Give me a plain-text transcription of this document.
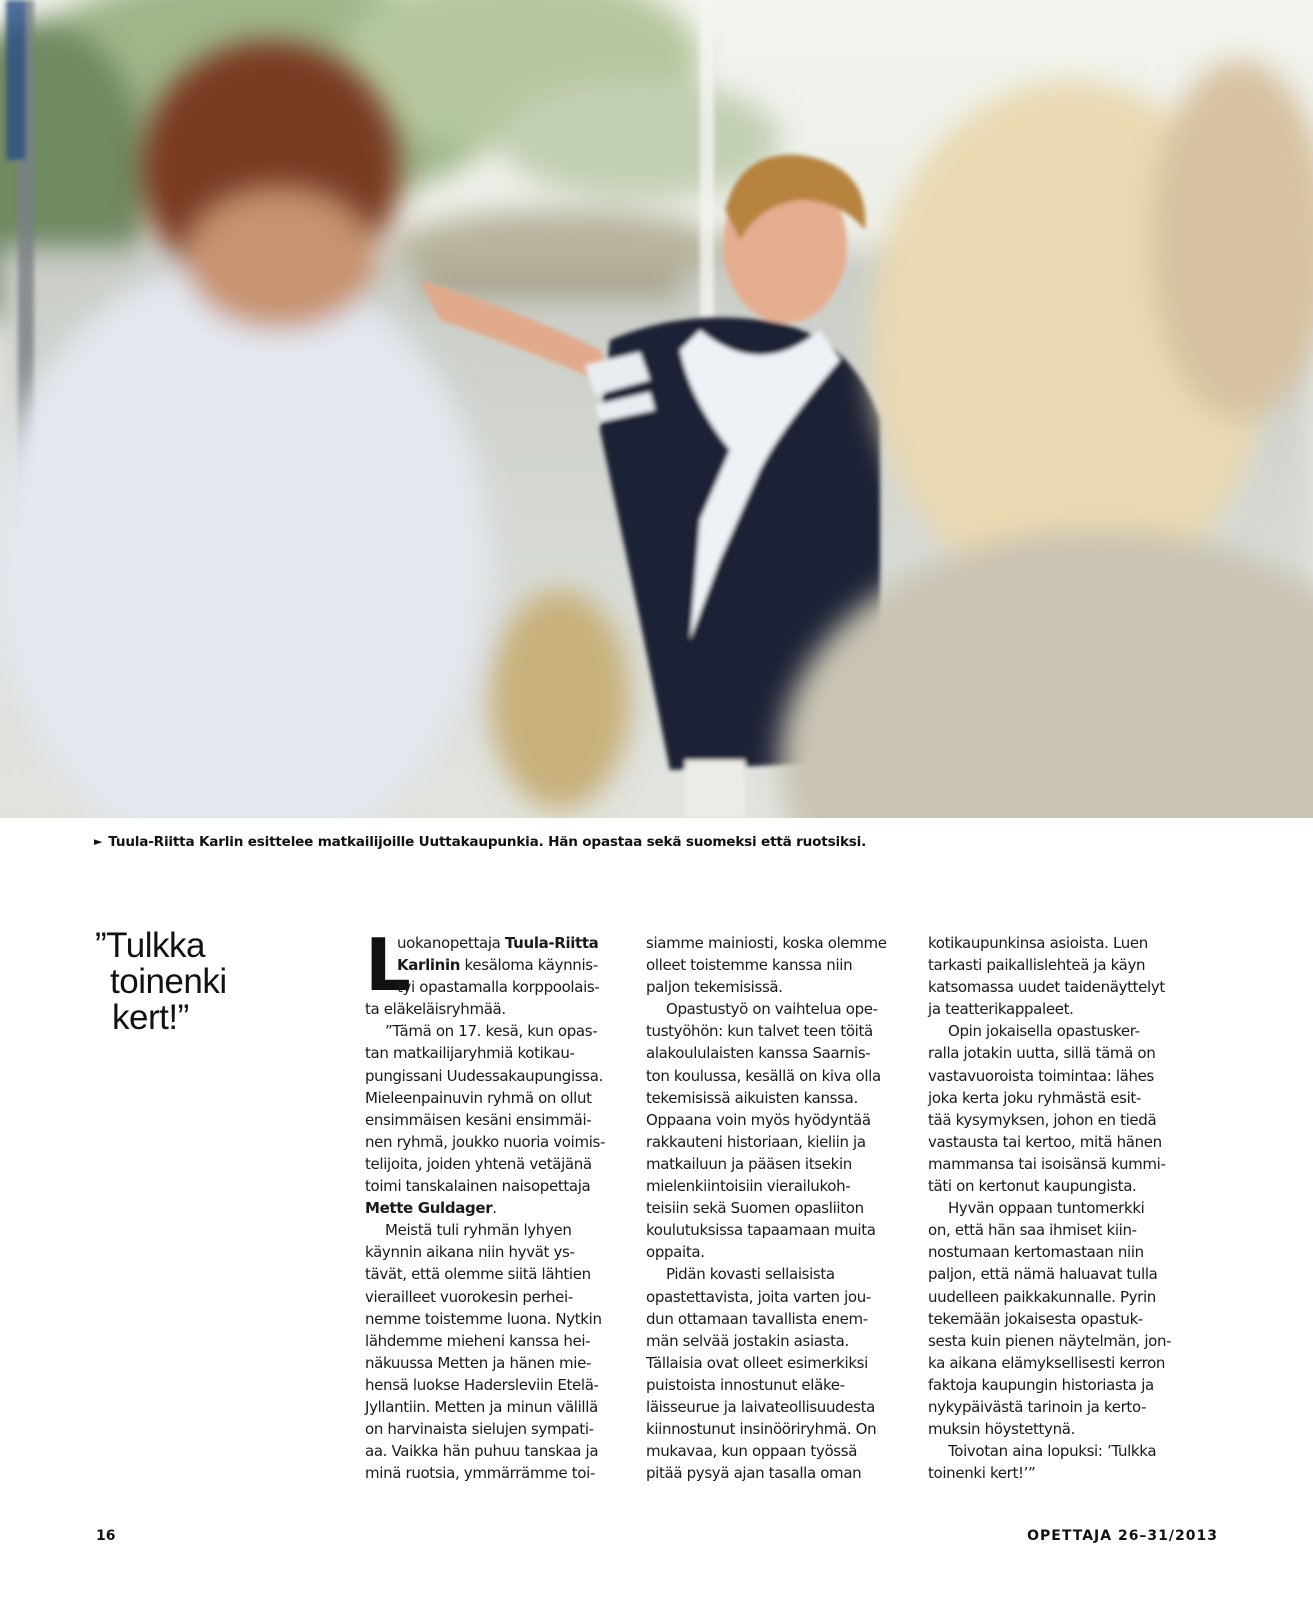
► Tuula-Riitta Karlin esittelee matkailijoille Uuttakaupunkia. Hän opastaa sekä suomeksi että ruotsiksi.
”Tulkka
toinenki
kert!”
L
uokanopettaja Tuula-Riitta
Karlinin kesäloma käynnis-
tyi opastamalla korppoolais-
ta eläkeläisryhmää.
”Tämä on 17. kesä, kun opas-
tan matkailijaryhmiä kotikau-
pungissani Uudessakaupungissa.
Mieleenpainuvin ryhmä on ollut
ensimmäisen kesäni ensimmäi-
nen ryhmä, joukko nuoria voimis-
telijoita, joiden yhtenä vetäjänä
toimi tanskalainen naisopettaja
Mette Guldager.
Meistä tuli ryhmän lyhyen
käynnin aikana niin hyvät ys-
tävät, että olemme siitä lähtien
vierailleet vuorokesin perhei-
nemme toistemme luona. Nytkin
lähdemme mieheni kanssa hei-
näkuussa Metten ja hänen mie-
hensä luokse Hadersleviin Etelä-
Jyllantiin. Metten ja minun välillä
on harvinaista sielujen sympati-
aa. Vaikka hän puhuu tanskaa ja
minä ruotsia, ymmärrämme toi-
siamme mainiosti, koska olemme
olleet toistemme kanssa niin
paljon tekemisissä.
Opastustyö on vaihtelua ope-
tustyöhön: kun talvet teen töitä
alakoululaisten kanssa Saarnis-
ton koulussa, kesällä on kiva olla
tekemisissä aikuisten kanssa.
Oppaana voin myös hyödyntää
rakkauteni historiaan, kieliin ja
matkailuun ja pääsen itsekin
mielenkiintoisiin vierailukoh-
teisiin sekä Suomen opasliiton
koulutuksissa tapaamaan muita
oppaita.
Pidän kovasti sellaisista
opastettavista, joita varten jou-
dun ottamaan tavallista enem-
män selvää jostakin asiasta.
Tällaisia ovat olleet esimerkiksi
puistoista innostunut eläke-
läisseurue ja laivateollisuudesta
kiinnostunut insinööriryhmä. On
mukavaa, kun oppaan työssä
pitää pysyä ajan tasalla oman
kotikaupunkinsa asioista. Luen
tarkasti paikallislehteä ja käyn
katsomassa uudet taidenäyttelyt
ja teatterikappaleet.
Opin jokaisella opastusker-
ralla jotakin uutta, sillä tämä on
vastavuoroista toimintaa: lähes
joka kerta joku ryhmästä esit-
tää kysymyksen, johon en tiedä
vastausta tai kertoo, mitä hänen
mammansa tai isoisänsä kummi-
täti on kertonut kaupungista.
Hyvän oppaan tuntomerkki
on, että hän saa ihmiset kiin-
nostumaan kertomastaan niin
paljon, että nämä haluavat tulla
uudelleen paikkakunnalle. Pyrin
tekemään jokaisesta opastuk-
sesta kuin pienen näytelmän, jon-
ka aikana elämyksellisesti kerron
faktoja kaupungin historiasta ja
nykypäivästä tarinoin ja kerto-
muksin höystettynä.
Toivotan aina lopuksi: ’Tulkka
toinenki kert!’”
16	OPETTAJA 26–31/2013
